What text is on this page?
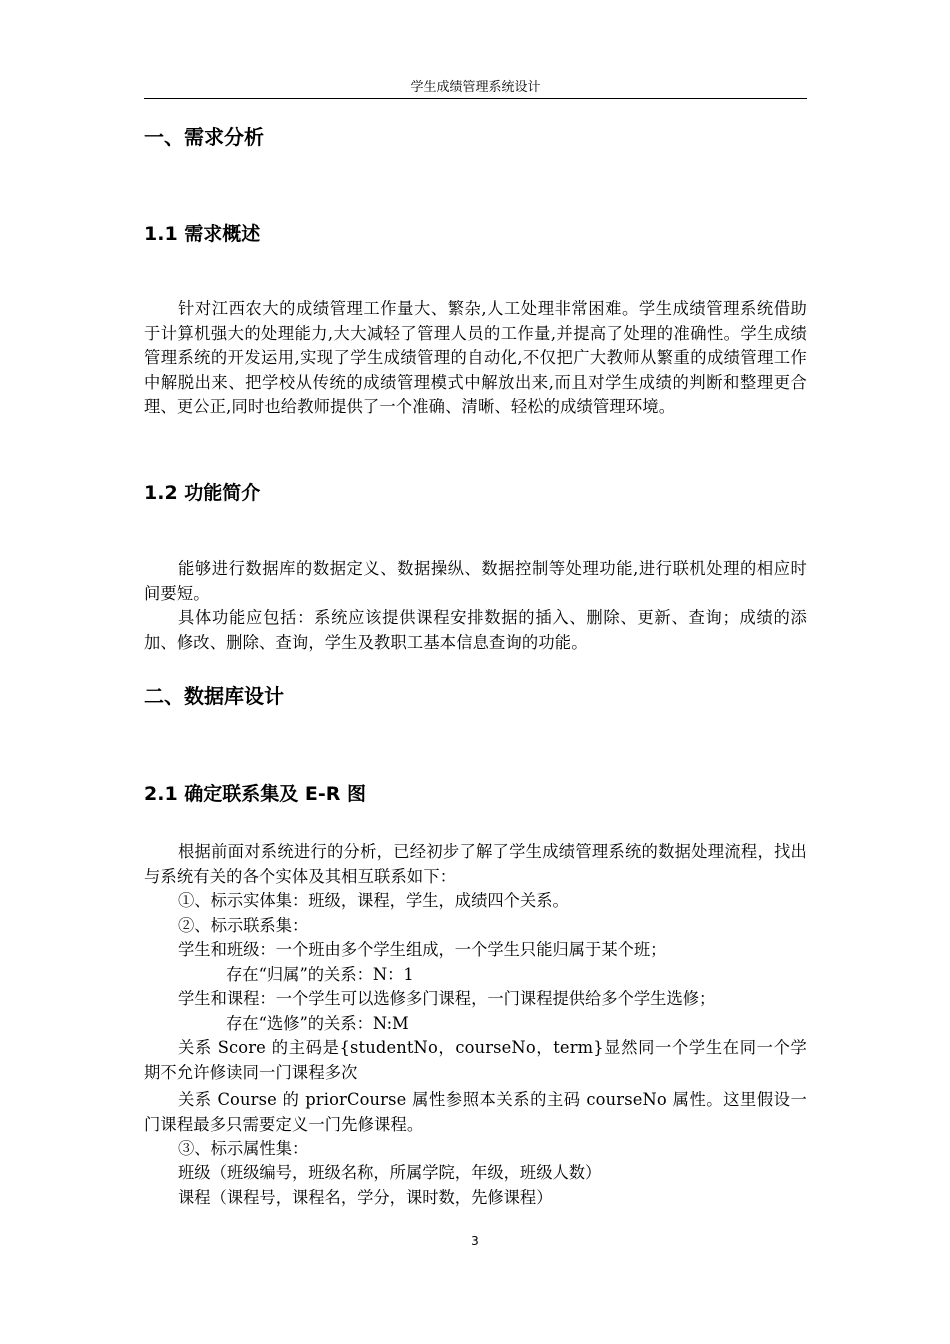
学生成绩管理系统设计
一、需求分析
1.1 需求概述
针对江西农大的成绩管理工作量大、繁杂,人工处理非常困难。学生成绩管理系统借助于计算机强大的处理能力,大大减轻了管理人员的工作量,并提高了处理的准确性。学生成绩管理系统的开发运用,实现了学生成绩管理的自动化,不仅把广大教师从繁重的成绩管理工作中解脱出来、把学校从传统的成绩管理模式中解放出来,而且对学生成绩的判断和整理更合理、更公正,同时也给教师提供了一个准确、清晰、轻松的成绩管理环境。
1.2 功能简介
能够进行数据库的数据定义、数据操纵、数据控制等处理功能,进行联机处理的相应时间要短。
具体功能应包括：系统应该提供课程安排数据的插入、删除、更新、查询；成绩的添加、修改、删除、查询，学生及教职工基本信息查询的功能。
二、数据库设计
2.1 确定联系集及 E-R 图
根据前面对系统进行的分析，已经初步了解了学生成绩管理系统的数据处理流程，找出与系统有关的各个实体及其相互联系如下：
①、标示实体集：班级，课程，学生，成绩四个关系。
②、标示联系集：
学生和班级：一个班由多个学生组成，一个学生只能归属于某个班；
存在“归属”的关系：N：1
学生和课程：一个学生可以选修多门课程，一门课程提供给多个学生选修；
存在“选修”的关系：N:M
关系 Score 的主码是{studentNo，courseNo，term}显然同一个学生在同一个学期不允许修读同一门课程多次
关系 Course 的 priorCourse 属性参照本关系的主码 courseNo 属性。这里假设一门课程最多只需要定义一门先修课程。
③、标示属性集：
班级（班级编号，班级名称，所属学院，年级，班级人数）
课程（课程号，课程名，学分，课时数，先修课程）
3
